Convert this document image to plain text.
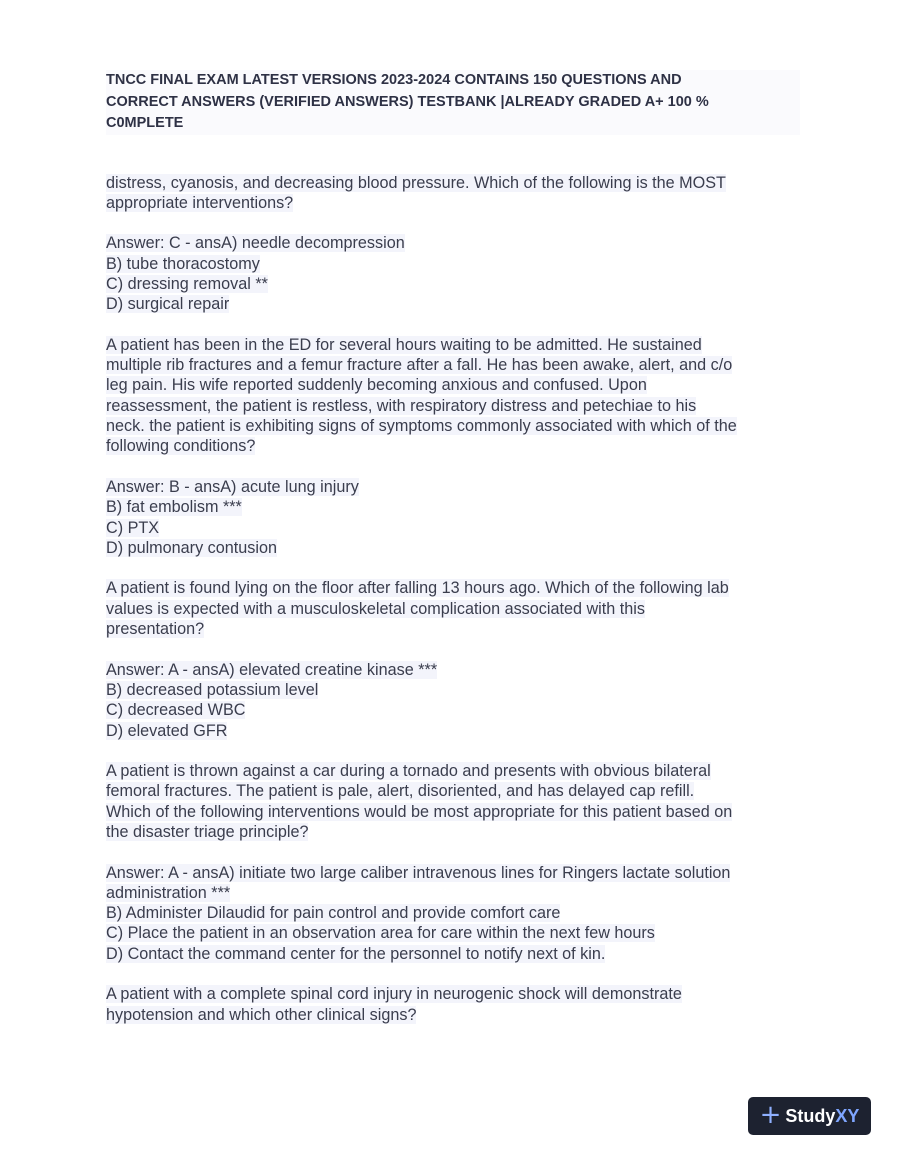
TNCC FINAL EXAM LATEST VERSIONS 2023-2024 CONTAINS 150 QUESTIONS AND
CORRECT ANSWERS (VERIFIED ANSWERS) TESTBANK |ALREADY GRADED A+ 100 %
C0MPLETE
distress, cyanosis, and decreasing blood pressure. Which of the following is the MOST
appropriate interventions?
Answer: C - ansA) needle decompression
B) tube thoracostomy
C) dressing removal **
D) surgical repair
A patient has been in the ED for several hours waiting to be admitted. He sustained
multiple rib fractures and a femur fracture after a fall. He has been awake, alert, and c/o
leg pain. His wife reported suddenly becoming anxious and confused. Upon
reassessment, the patient is restless, with respiratory distress and petechiae to his
neck. the patient is exhibiting signs of symptoms commonly associated with which of the
following conditions?
Answer: B - ansA) acute lung injury
B) fat embolism ***
C) PTX
D) pulmonary contusion
A patient is found lying on the floor after falling 13 hours ago. Which of the following lab
values is expected with a musculoskeletal complication associated with this
presentation?
Answer: A - ansA) elevated creatine kinase ***
B) decreased potassium level
C) decreased WBC
D) elevated GFR
A patient is thrown against a car during a tornado and presents with obvious bilateral
femoral fractures. The patient is pale, alert, disoriented, and has delayed cap refill.
Which of the following interventions would be most appropriate for this patient based on
the disaster triage principle?
Answer: A - ansA) initiate two large caliber intravenous lines for Ringers lactate solution
administration ***
B) Administer Dilaudid for pain control and provide comfort care
C) Place the patient in an observation area for care within the next few hours
D) Contact the command center for the personnel to notify next of kin.
A patient with a complete spinal cord injury in neurogenic shock will demonstrate
hypotension and which other clinical signs?
+ StudyXY
